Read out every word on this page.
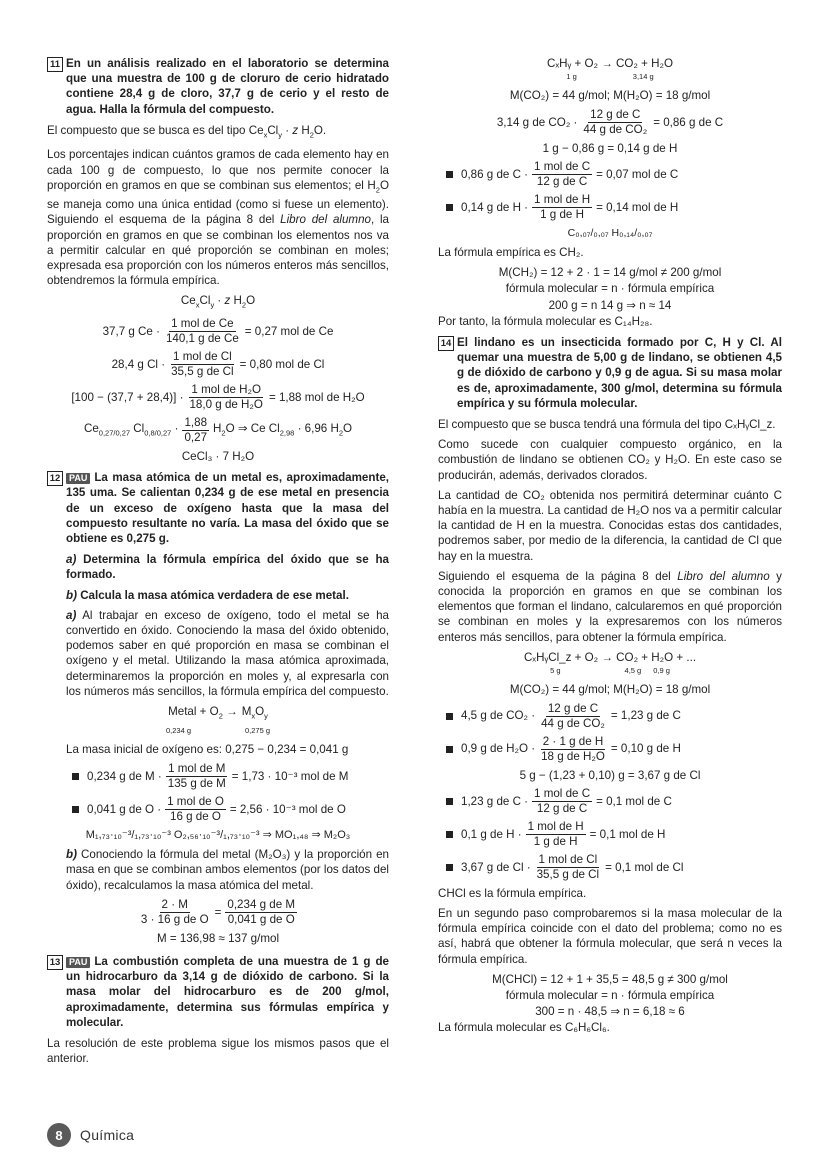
11 En un análisis realizado en el laboratorio se determina que una muestra de 100 g de cloruro de cerio hidratado contiene 28,4 g de cloro, 37,7 g de cerio y el resto de agua. Halla la fórmula del compuesto.

El compuesto que se busca es del tipo $Ce_xCl_y \cdot z$ $H_2O$.

Los porcentajes indican cuántos gramos de cada elemento hay en cada 100 g de compuesto, lo que nos permite conocer la proporción en gramos en que se combinan sus elementos; el $H_2O$ se maneja como una única entidad (como si fuese un elemento). Siguiendo el esquema de la página 8 del Libro del alumno, la proporción en gramos en que se combinan los elementos nos va a permitir calcular en qué proporción se combinan en moles; expresada esa proporción con los números enteros más sencillos, obtendremos la fórmula empírica.

$Ce_xCl_y \cdot z$ $H_2O$
37,7 g $Ce \cdot \frac{\text{1 mol de Ce}}{\text{140,1 g de Ce}} = 0,27$ mol de Ce
28,4 g $Cl \cdot \frac{\text{1 mol de Cl}}{\text{35,5 g de Cl}} = 0,80$ mol de Cl
$[100 - (37,7 + 28,4)] \cdot \frac{\text{1 mol de H₂O}}{\text{18,0 g de H₂O}} = 1,88$ mol de H₂O
$Ce_{0,27/0,27}$ $Cl_{0,8/0,27} \cdot \frac{1,88}{0,27} H_2O$ ⇒ Ce $Cl_{2,98} \cdot 6,96$ $H_2O$
CeCl₃ · 7 H₂O
12 PAU La masa atómica de un metal es, aproximadamente, 135 uma. Se calientan 0,234 g de ese metal en presencia de un exceso de oxígeno hasta que la masa del compuesto resultante no varía. La masa del óxido que se obtiene es 0,275 g.
a) Determina la fórmula empírica del óxido que se ha formado.
b) Calcula la masa atómica verdadera de ese metal.

a) Al trabajar en exceso de oxígeno, todo el metal se ha convertido en óxido. Conociendo la masa del óxido obtenido, podemos saber en qué proporción en masa se combinan el oxígeno y el metal. Utilizando la masa atómica aproximada, determinaremos la proporción en moles y, al expresarla con los números más sencillos, la fórmula empírica del compuesto.

Metal + $O_2 \to M_xO_y$
0,234 g	0,275 g

La masa inicial de oxígeno es: 0,275 − 0,234 = 0,041 g

0,234 g de $M \cdot \frac{\text{1 mol de M}}{\text{135 g de M}} = 1,73 \cdot 10^{-3}$ mol de M
0,041 g de $O \cdot \frac{\text{1 mol de O}}{\text{16 g de O}} = 2,56 \cdot 10^{-3}$ mol de O
M₁,₇₃·₁₀⁻³/₁,₇₃·₁₀⁻³ O₂,₅₆·₁₀⁻³/₁,₇₃·₁₀⁻³ ⇒ MO₁,₄₈ ⇒ M₂O₃

b) Conociendo la fórmula del metal (M₂O₃) y la proporción en masa en que se combinan ambos elementos (por los datos del óxido), recalculamos la masa atómica del metal.

$\frac{2 \cdot M}{\text{3 · 16 g de O}} = \frac{\text{0,234 g de M}}{\text{0,041 g de O}}$
M = 136,98 ≈ 137 g/mol
13 PAU La combustión completa de una muestra de 1 g de un hidrocarburo da 3,14 g de dióxido de carbono. Si la masa molar del hidrocarburo es de 200 g/mol, aproximadamente, determina sus fórmulas empírica y molecular.

La resolución de este problema sigue los mismos pasos que el anterior.

CₓHᵧ + O₂ → CO₂ + H₂O
1 g	3,14 g
M(CO₂) = 44 g/mol; M(H₂O) = 18 g/mol
3,14 g de $CO_2 \cdot \frac{\text{12 g de C}}{\text{44 g de CO₂}} = 0,86$ g de C
1 g − 0,86 g = 0,14 g de H
0,86 g de $C \cdot \frac{\text{1 mol de C}}{\text{12 g de C}} = 0,07$ mol de C
0,14 g de $H \cdot \frac{\text{1 mol de H}}{\text{1 g de H}} = 0,14$ mol de H
C₀,₀₇/₀,₀₇ H₀,₁₄/₀,₀₇

La fórmula empírica es CH₂.

M(CH₂) = 12 + 2 · 1 = 14 g/mol ≠ 200 g/mol
fórmula molecular = n · fórmula empírica
200 g = n 14 g ⇒ n ≈ 14

Por tanto, la fórmula molecular es C₁₄H₂₈.

14 El lindano es un insecticida formado por C, H y Cl. Al quemar una muestra de 5,00 g de lindano, se obtienen 4,5 g de dióxido de carbono y 0,9 g de agua. Si su masa molar es de, aproximadamente, 300 g/mol, determina su fórmula empírica y su fórmula molecular.

El compuesto que se busca tendrá una fórmula del tipo CₓHᵧCl_z.

Como sucede con cualquier compuesto orgánico, en la combustión de lindano se obtienen CO₂ y H₂O. En este caso se producirán, además, derivados clorados.

La cantidad de CO₂ obtenida nos permitirá determinar cuánto C había en la muestra. La cantidad de H₂O nos va a permitir calcular la cantidad de H en la muestra. Conocidas estas dos cantidades, podremos saber, por medio de la diferencia, la cantidad de Cl que hay en la muestra.

Siguiendo el esquema de la página 8 del Libro del alumno y conocida la proporción en gramos en que se combinan los elementos que forman el lindano, calcularemos en qué proporción se combinan en moles y la expresaremos con los números enteros más sencillos, para obtener la fórmula empírica.

CₓHᵧCl_z + O₂ → CO₂ + H₂O + ...
5 g	4,5 g 0,9 g
M(CO₂) = 44 g/mol; M(H₂O) = 18 g/mol
4,5 g de $CO_2 \cdot \frac{\text{12 g de C}}{\text{44 g de CO₂}} = 1,23$ g de C
0,9 g de $H_2O \cdot \frac{\text{2 · 1 g de H}}{\text{18 g de H₂O}} = 0,10$ g de H
5 g − (1,23 + 0,10) g = 3,67 g de Cl
1,23 g de $C \cdot \frac{\text{1 mol de C}}{\text{12 g de C}} = 0,1$ mol de C
0,1 g de $H \cdot \frac{\text{1 mol de H}}{\text{1 g de H}} = 0,1$ mol de H
3,67 g de $Cl \cdot \frac{\text{1 mol de Cl}}{\text{35,5 g de Cl}} = 0,1$ mol de Cl

CHCl es la fórmula empírica.

En un segundo paso comprobaremos si la masa molecular de la fórmula empírica coincide con el dato del problema; como no es así, habrá que obtener la fórmula molecular, que será n veces la fórmula empírica.

M(CHCl) = 12 + 1 + 35,5 = 48,5 g ≠ 300 g/mol
fórmula molecular = n · fórmula empírica
300 = n · 48,5 ⇒ n = 6,18 ≈ 6

La fórmula molecular es C₆H₆Cl₆.

8	Química
